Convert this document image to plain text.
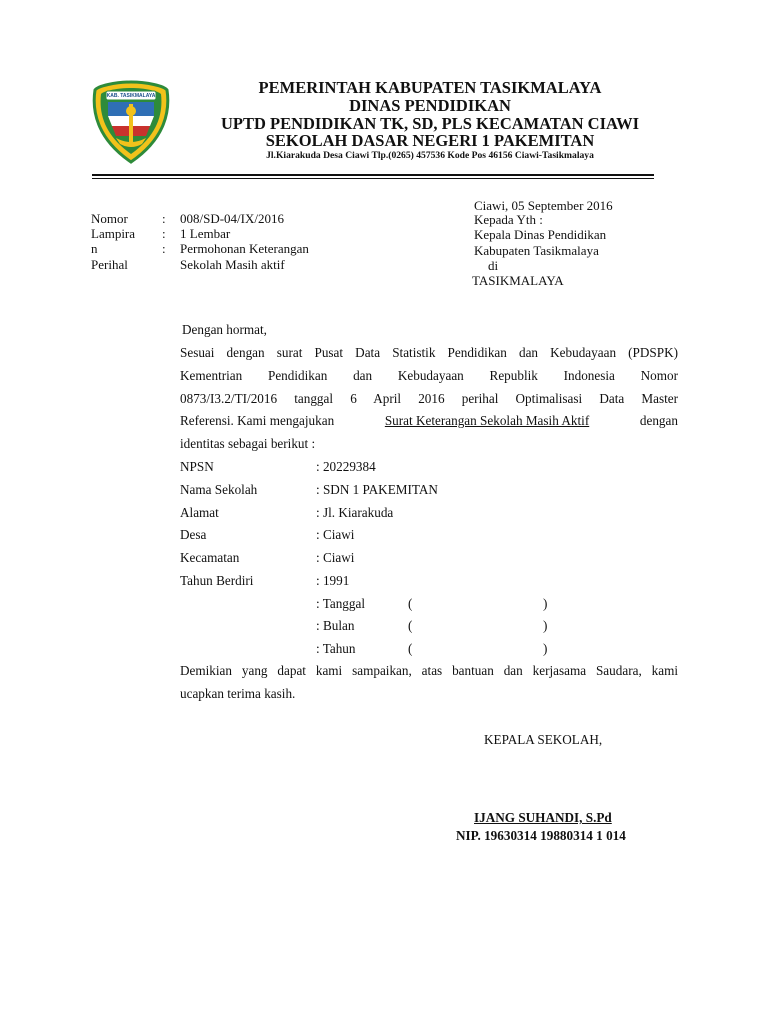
KAB. TASIKMALAYA	PEMERINTAH KABUPATEN TASIKMALAYA
DINAS PENDIDIKAN
UPTD PENDIDIKAN TK, SD, PLS KECAMATAN CIAWI
SEKOLAH DASAR NEGERI 1 PAKEMITAN
Jl.Kiarakuda Desa Ciawi Tlp.(0265) 457536 Kode Pos 46156 Ciawi-Tasikmalaya
Nomor	: 008/SD-04/IX/2016
Lampira : 1 Lembar
n	: Permohonan Keterangan
Perihal	Sekolah Masih aktif
Ciawi, 05 September 2016
Kepada Yth :
Kepala Dinas Pendidikan
Kabupaten Tasikmalaya
di
TASIKMALAYA
Dengan hormat,
Sesuai dengan surat Pusat Data Statistik Pendidikan dan Kebudayaan (PDSPK)
Kementrian Pendidikan dan Kebudayaan Republik Indonesia Nomor
0873/I3.2/TI/2016 tanggal 6 April 2016 perihal Optimalisasi Data Master
Referensi. Kami mengajukan	Surat Keterangan Sekolah Masih Aktif	dengan
identitas sebagai berikut :
NPSN	: 20229384
Nama Sekolah	: SDN 1 PAKEMITAN
Alamat	: Jl. Kiarakuda
Desa	: Ciawi
Kecamatan	: Ciawi
Tahun Berdiri	: 1991
: Tanggal	(	)
: Bulan	(	)
: Tahun	(	)
Demikian yang dapat kami sampaikan, atas bantuan dan kerjasama Saudara, kami
ucapkan terima kasih.
KEPALA SEKOLAH,
IJANG SUHANDI, S.Pd
NIP. 19630314 19880314 1 014
